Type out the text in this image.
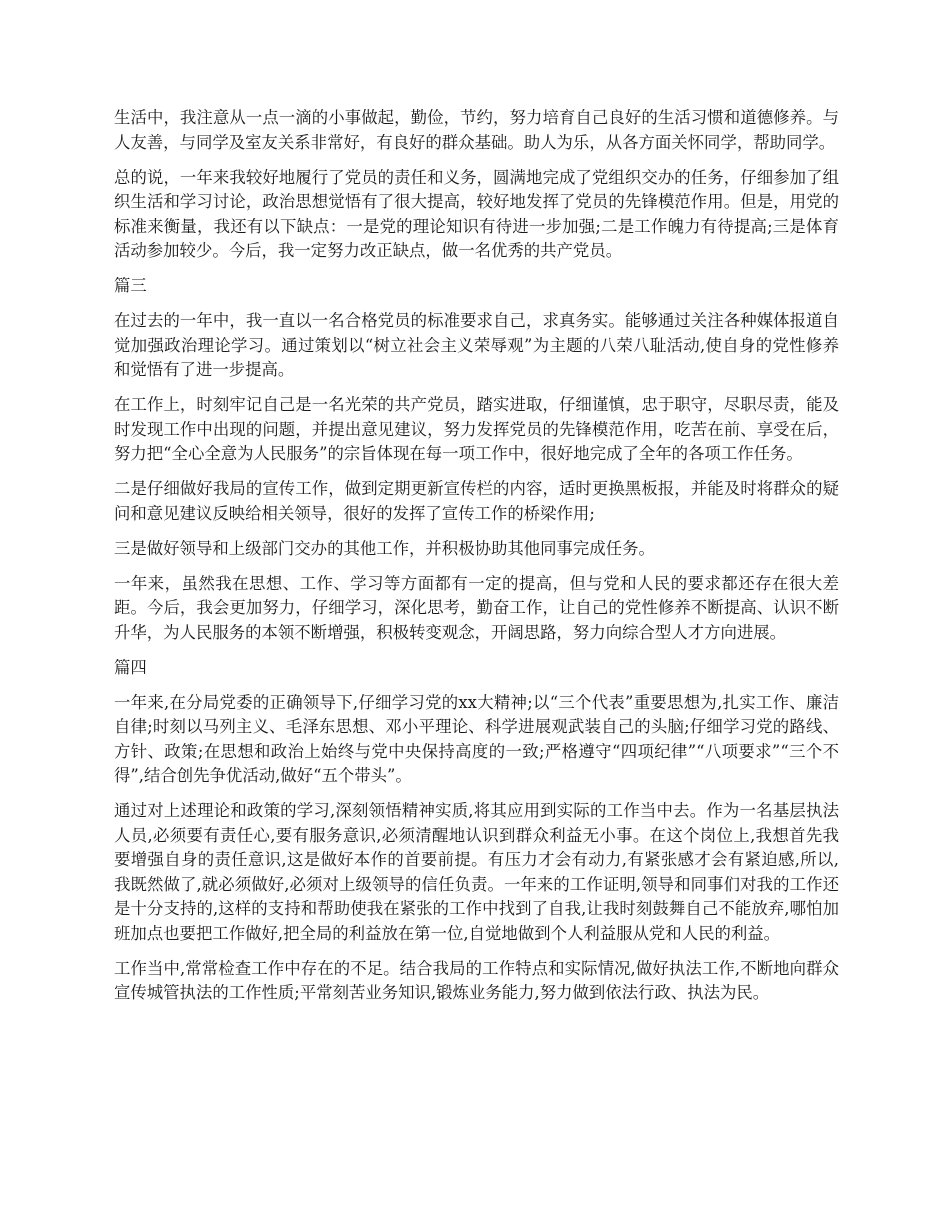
生活中，我注意从一点一滴的小事做起，勤俭，节约，努力培育自己良好的生活习惯和道德修养。与人友善，与同学及室友关系非常好，有良好的群众基础。助人为乐，从各方面关怀同学，帮助同学。

总的说，一年来我较好地履行了党员的责任和义务，圆满地完成了党组织交办的任务，仔细参加了组织生活和学习讨论，政治思想觉悟有了很大提高，较好地发挥了党员的先锋模范作用。但是，用党的标准来衡量，我还有以下缺点：一是党的理论知识有待进一步加强;二是工作魄力有待提高;三是体育活动参加较少。今后，我一定努力改正缺点，做一名优秀的共产党员。

篇三

在过去的一年中，我一直以一名合格党员的标准要求自己，求真务实。能够通过关注各种媒体报道自觉加强政治理论学习。通过策划以“树立社会主义荣辱观”为主题的八荣八耻活动,使自身的党性修养和觉悟有了进一步提高。

在工作上，时刻牢记自己是一名光荣的共产党员，踏实进取，仔细谨慎，忠于职守，尽职尽责，能及时发现工作中出现的问题，并提出意见建议，努力发挥党员的先锋模范作用，吃苦在前、享受在后，努力把“全心全意为人民服务”的宗旨体现在每一项工作中，很好地完成了全年的各项工作任务。

二是仔细做好我局的宣传工作，做到定期更新宣传栏的内容，适时更换黑板报，并能及时将群众的疑问和意见建议反映给相关领导，很好的发挥了宣传工作的桥梁作用;

三是做好领导和上级部门交办的其他工作，并积极协助其他同事完成任务。

一年来，虽然我在思想、工作、学习等方面都有一定的提高，但与党和人民的要求都还存在很大差距。今后，我会更加努力，仔细学习，深化思考，勤奋工作，让自己的党性修养不断提高、认识不断升华，为人民服务的本领不断增强，积极转变观念，开阔思路，努力向综合型人才方向进展。

篇四

一年来,在分局党委的正确领导下,仔细学习党的xx大精神;以“三个代表”重要思想为,扎实工作、廉洁自律;时刻以马列主义、毛泽东思想、邓小平理论、科学进展观武装自己的头脑;仔细学习党的路线、方针、政策;在思想和政治上始终与党中央保持高度的一致;严格遵守“四项纪律”“八项要求”“三个不得”,结合创先争优活动,做好“五个带头”。

通过对上述理论和政策的学习,深刻领悟精神实质,将其应用到实际的工作当中去。作为一名基层执法人员,必须要有责任心,要有服务意识,必须清醒地认识到群众利益无小事。在这个岗位上,我想首先我要增强自身的责任意识,这是做好本作的首要前提。有压力才会有动力,有紧张感才会有紧迫感,所以,我既然做了,就必须做好,必须对上级领导的信任负责。一年来的工作证明,领导和同事们对我的工作还是十分支持的,这样的支持和帮助使我在紧张的工作中找到了自我,让我时刻鼓舞自己不能放弃,哪怕加班加点也要把工作做好,把全局的利益放在第一位,自觉地做到个人利益服从党和人民的利益。

工作当中,常常检查工作中存在的不足。结合我局的工作特点和实际情况,做好执法工作,不断地向群众宣传城管执法的工作性质;平常刻苦业务知识,锻炼业务能力,努力做到依法行政、执法为民。
